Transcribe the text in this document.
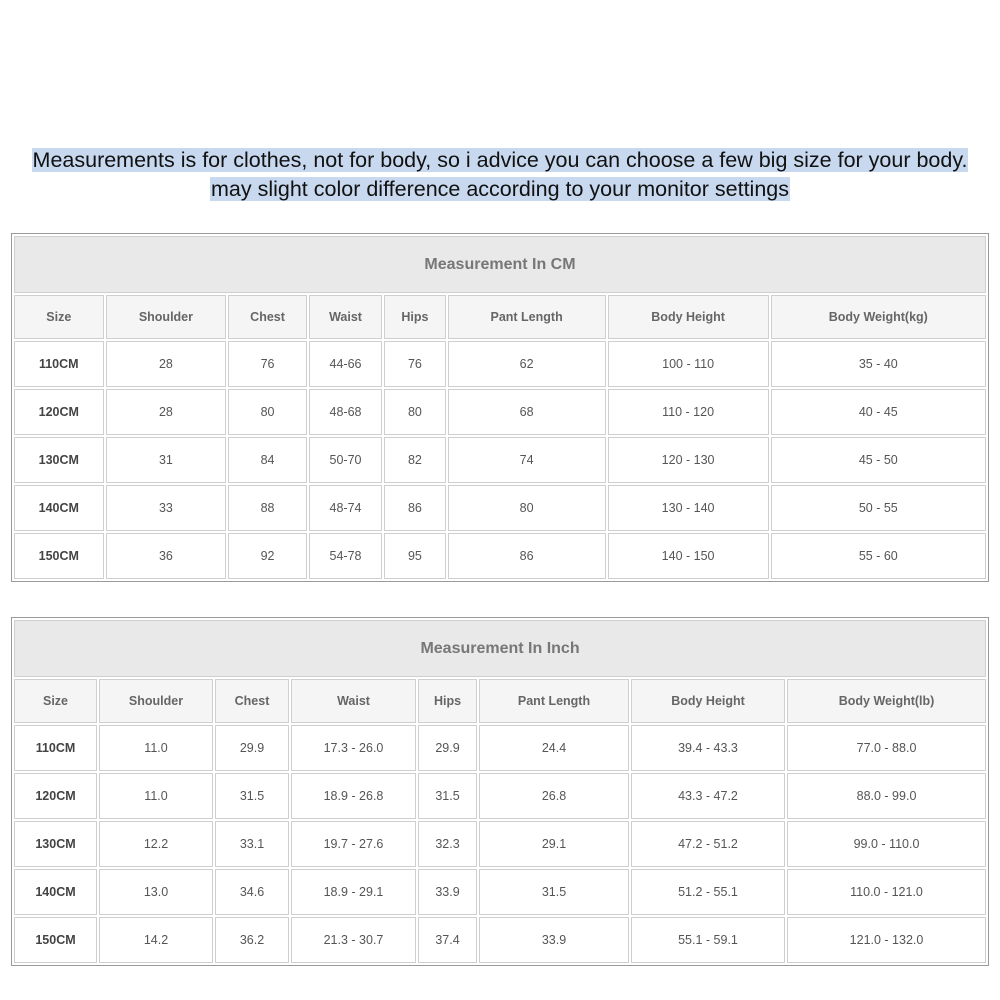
Measurements is for clothes, not for body, so i advice you can choose a few big size for your body.
may slight color difference according to your monitor settings
Measurement In CM							
Size	Shoulder	Chest	Waist	Hips	Pant Length	Body Height	Body Weight(kg)
110CM	28	76	44-66	76	62	100 - 110	35 - 40
120CM	28	80	48-68	80	68	110 - 120	40 - 45
130CM	31	84	50-70	82	74	120 - 130	45 - 50
140CM	33	88	48-74	86	80	130 - 140	50 - 55
150CM	36	92	54-78	95	86	140 - 150	55 - 60
Measurement In Inch							
Size	Shoulder	Chest	Waist	Hips	Pant Length	Body Height	Body Weight(lb)
110CM	11.0	29.9	17.3 - 26.0	29.9	24.4	39.4 - 43.3	77.0 - 88.0
120CM	11.0	31.5	18.9 - 26.8	31.5	26.8	43.3 - 47.2	88.0 - 99.0
130CM	12.2	33.1	19.7 - 27.6	32.3	29.1	47.2 - 51.2	99.0 - 110.0
140CM	13.0	34.6	18.9 - 29.1	33.9	31.5	51.2 - 55.1	110.0 - 121.0
150CM	14.2	36.2	21.3 - 30.7	37.4	33.9	55.1 - 59.1	121.0 - 132.0
